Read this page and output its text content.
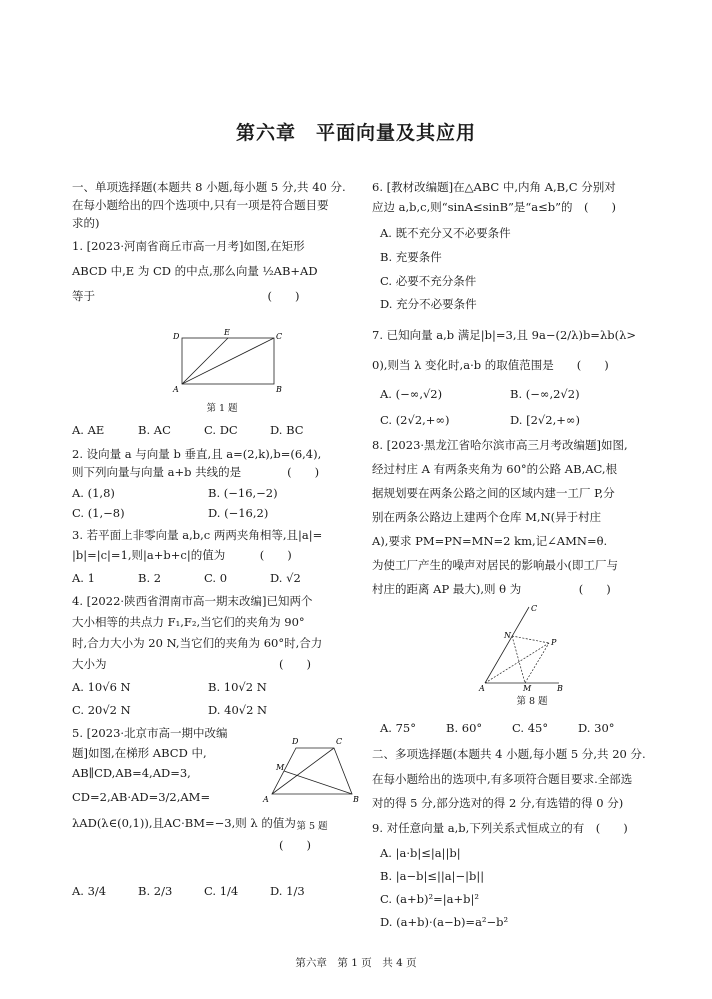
第六章　平面向量及其应用
一、单项选择题(本题共 8 小题,每小题 5 分,共 40 分.
在每小题给出的四个选项中,只有一项是符合题目要
求的)
1. [2023·河南省商丘市高一月考]如图,在矩形
ABCD 中,E 为 CD 的中点,那么向量 ½AB+AD
等于　　　　　　　　　　　　　　　(　　)
D	E	C
A	B
第 1 题
A. AE	B. AC	C. DC	D. BC
2. 设向量 a 与向量 b 垂直,且 a=(2,k),b=(6,4),
则下列向量与向量 a+b 共线的是　　　　(　　)
A. (1,8)	B. (−16,−2)
C. (1,−8)	D. (−16,2)
3. 若平面上非零向量 a,b,c 两两夹角相等,且|a|=
|b|=|c|=1,则|a+b+c|的值为　　　(　　)
A. 1	B. 2	C. 0	D. √2
4. [2022·陕西省渭南市高一期末改编]已知两个
大小相等的共点力 F₁,F₂,当它们的夹角为 90°
时,合力大小为 20 N,当它们的夹角为 60°时,合力
大小为　　　　　　　　　　　　　　　(　　)
A. 10√6 N	B. 10√2 N
C. 20√2 N	D. 40√2 N
5. [2023·北京市高一期中改编
题]如图,在梯形 ABCD 中,
AB∥CD,AB=4,AD=3,
CD=2,AB·AD=3/2,AM=
λAD(λ∈(0,1)),且AC·BM=−3,则 λ 的值为
　　　　　　　　　　　　　　　　　　(　　)
D	C
M
A	B
第 5 题
A. 3/4	B. 2/3	C. 1/4	D. 1/3
6. [教材改编题]在△ABC 中,内角 A,B,C 分别对
应边 a,b,c,则“sinA≤sinB”是“a≤b”的　(　　)
A. 既不充分又不必要条件
B. 充要条件
C. 必要不充分条件
D. 充分不必要条件
7. 已知向量 a,b 满足|b|=3,且 9a−(2/λ)b=λb(λ>
0),则当 λ 变化时,a·b 的取值范围是　　(　　)
A. (−∞,√2)	B. (−∞,2√2)
C. (2√2,+∞)	D. [2√2,+∞)
8. [2023·黑龙江省哈尔滨市高三月考改编题]如图,
经过村庄 A 有两条夹角为 60°的公路 AB,AC,根
据规划要在两条公路之间的区域内建一工厂 P,分
别在两条公路边上建两个仓库 M,N(异于村庄
A),要求 PM=PN=MN=2 km,记∠AMN=θ.
为使工厂产生的噪声对居民的影响最小(即工厂与
村庄的距离 AP 最大),则 θ 为　　　　　(　　)
C
N
P
A	M	B
第 8 题
A. 75°	B. 60°	C. 45°	D. 30°
二、多项选择题(本题共 4 小题,每小题 5 分,共 20 分.
在每小题给出的选项中,有多项符合题目要求.全部选
对的得 5 分,部分选对的得 2 分,有选错的得 0 分)
9. 对任意向量 a,b,下列关系式恒成立的有　(　　)
A. |a·b|≤|a||b|
B. |a−b|≤||a|−|b||
C. (a+b)²=|a+b|²
D. (a+b)·(a−b)=a²−b²
第六章　第 1 页　共 4 页
